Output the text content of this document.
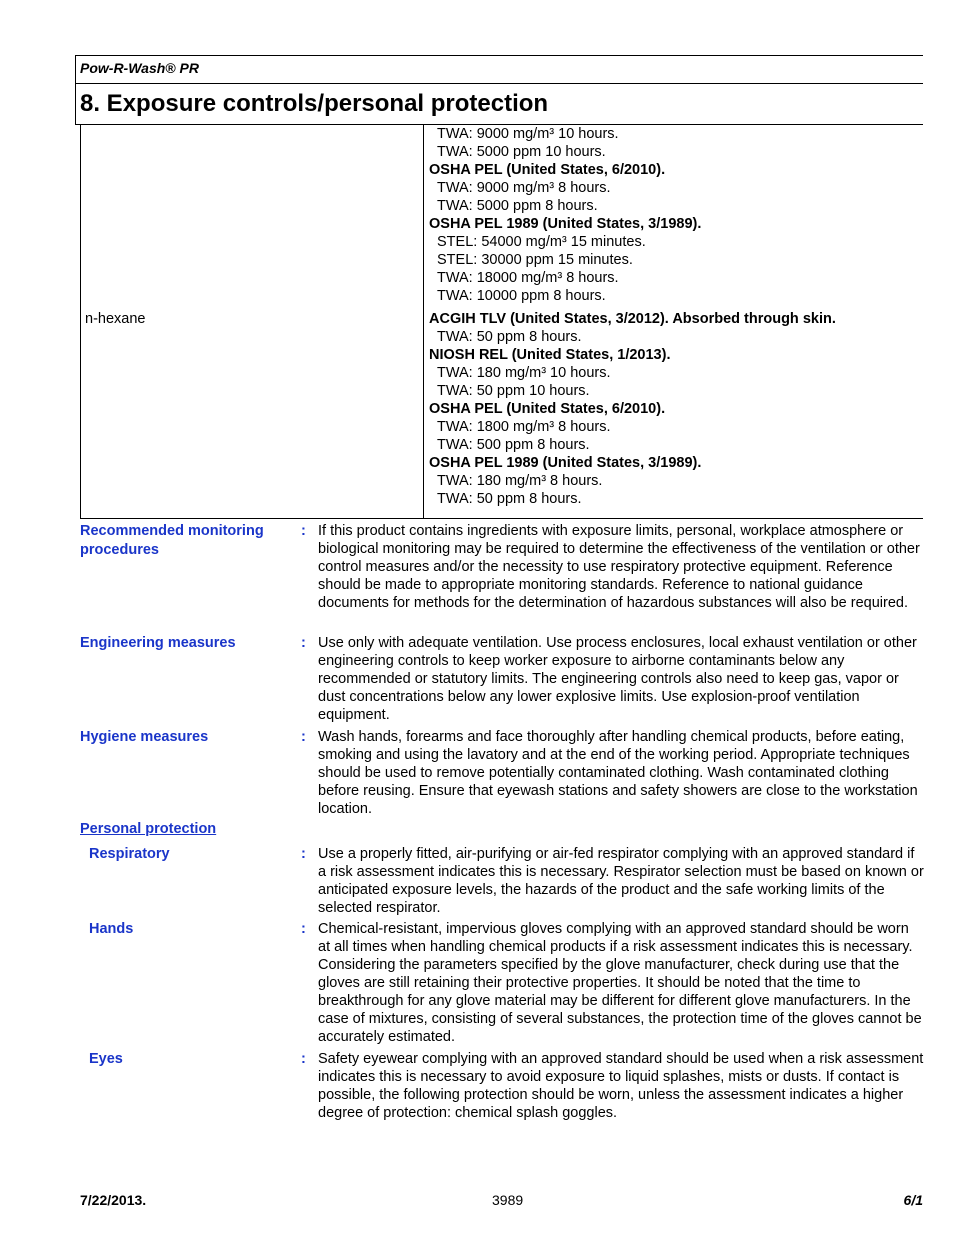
Pow-R-Wash® PR
8. Exposure controls/personal protection
TWA: 9000 mg/m³ 10 hours.
TWA: 5000 ppm 10 hours.
OSHA PEL (United States, 6/2010).
TWA: 9000 mg/m³ 8 hours.
TWA: 5000 ppm 8 hours.
OSHA PEL 1989 (United States, 3/1989).
STEL: 54000 mg/m³ 15 minutes.
STEL: 30000 ppm 15 minutes.
TWA: 18000 mg/m³ 8 hours.
TWA: 10000 ppm 8 hours.
n-hexane	ACGIH TLV (United States, 3/2012). Absorbed through skin.
TWA: 50 ppm 8 hours.
NIOSH REL (United States, 1/2013).
TWA: 180 mg/m³ 10 hours.
TWA: 50 ppm 10 hours.
OSHA PEL (United States, 6/2010).
TWA: 1800 mg/m³ 8 hours.
TWA: 500 ppm 8 hours.
OSHA PEL 1989 (United States, 3/1989).
TWA: 180 mg/m³ 8 hours.
TWA: 50 ppm 8 hours.
Recommended monitoring procedures
: If this product contains ingredients with exposure limits, personal, workplace atmosphere or biological monitoring may be required to determine the effectiveness of the ventilation or other control measures and/or the necessity to use respiratory protective equipment. Reference should be made to appropriate monitoring standards. Reference to national guidance documents for methods for the determination of hazardous substances will also be required.
Engineering measures	: Use only with adequate ventilation. Use process enclosures, local exhaust ventilation or other engineering controls to keep worker exposure to airborne contaminants below any recommended or statutory limits. The engineering controls also need to keep gas, vapor or dust concentrations below any lower explosive limits. Use explosion-proof ventilation equipment.
Hygiene measures	: Wash hands, forearms and face thoroughly after handling chemical products, before eating, smoking and using the lavatory and at the end of the working period. Appropriate techniques should be used to remove potentially contaminated clothing. Wash contaminated clothing before reusing. Ensure that eyewash stations and safety showers are close to the workstation location.
Personal protection
Respiratory	: Use a properly fitted, air-purifying or air-fed respirator complying with an approved standard if a risk assessment indicates this is necessary. Respirator selection must be based on known or anticipated exposure levels, the hazards of the product and the safe working limits of the selected respirator.
Hands	: Chemical-resistant, impervious gloves complying with an approved standard should be worn at all times when handling chemical products if a risk assessment indicates this is necessary. Considering the parameters specified by the glove manufacturer, check during use that the gloves are still retaining their protective properties. It should be noted that the time to breakthrough for any glove material may be different for different glove manufacturers. In the case of mixtures, consisting of several substances, the protection time of the gloves cannot be accurately estimated.
Eyes	: Safety eyewear complying with an approved standard should be used when a risk assessment indicates this is necessary to avoid exposure to liquid splashes, mists or dusts. If contact is possible, the following protection should be worn, unless the assessment indicates a higher degree of protection: chemical splash goggles.
7/22/2013.	3989	6/1
